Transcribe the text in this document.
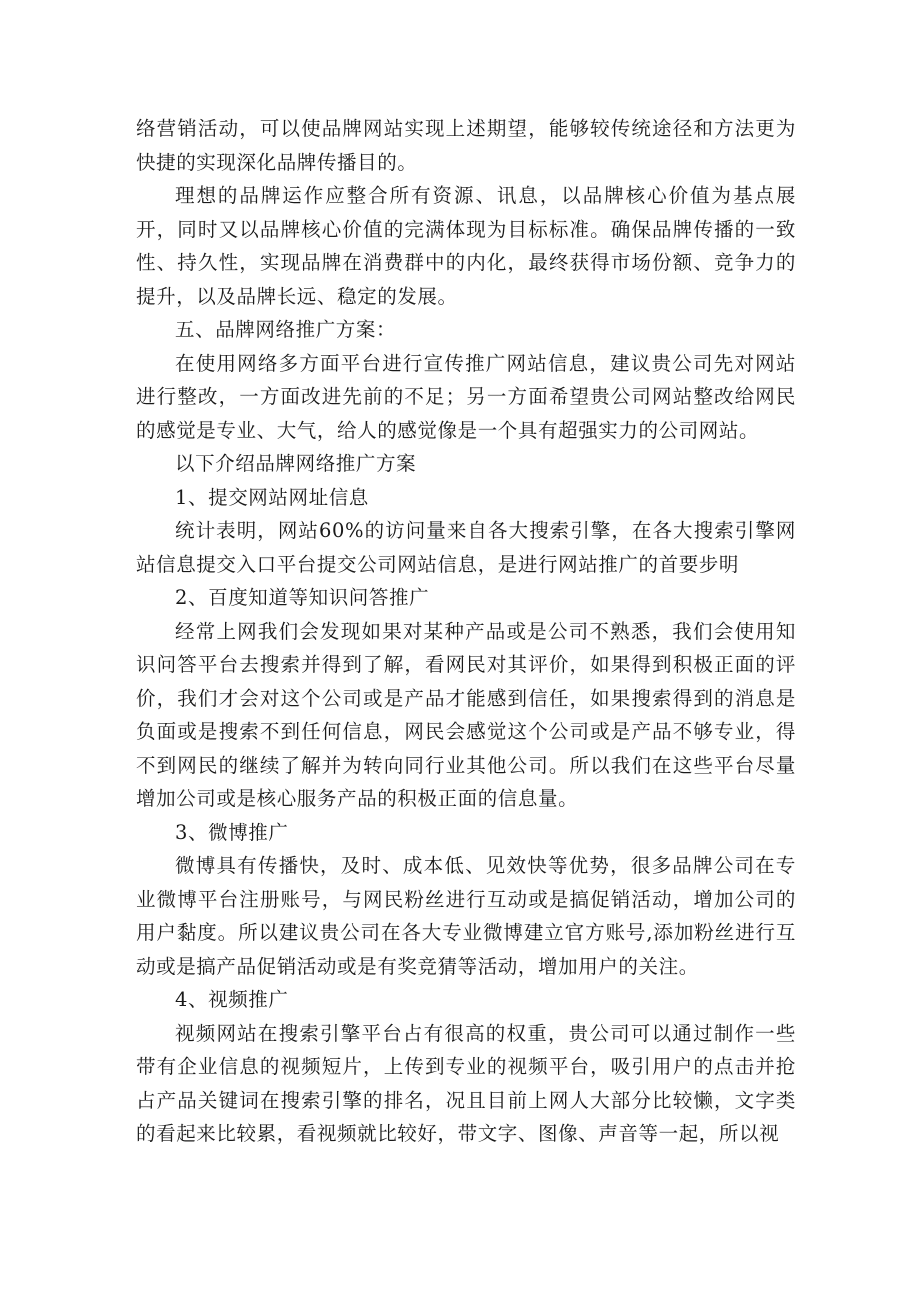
络营销活动，可以使品牌网站实现上述期望，能够较传统途径和方法更为快捷的实现深化品牌传播目的。

理想的品牌运作应整合所有资源、讯息，以品牌核心价值为基点展开，同时又以品牌核心价值的完满体现为目标标准。确保品牌传播的一致性、持久性，实现品牌在消费群中的内化，最终获得市场份额、竞争力的提升，以及品牌长远、稳定的发展。

五、品牌网络推广方案：

在使用网络多方面平台进行宣传推广网站信息，建议贵公司先对网站进行整改，一方面改进先前的不足；另一方面希望贵公司网站整改给网民的感觉是专业、大气，给人的感觉像是一个具有超强实力的公司网站。

以下介绍品牌网络推广方案

1、提交网站网址信息

统计表明，网站60%的访问量来自各大搜索引擎，在各大搜索引擎网站信息提交入口平台提交公司网站信息，是进行网站推广的首要步明

2、百度知道等知识问答推广

经常上网我们会发现如果对某种产品或是公司不熟悉，我们会使用知识问答平台去搜索并得到了解，看网民对其评价，如果得到积极正面的评价，我们才会对这个公司或是产品才能感到信任，如果搜索得到的消息是负面或是搜索不到任何信息，网民会感觉这个公司或是产品不够专业，得不到网民的继续了解并为转向同行业其他公司。所以我们在这些平台尽量增加公司或是核心服务产品的积极正面的信息量。

3、微博推广

微博具有传播快，及时、成本低、见效快等优势，很多品牌公司在专业微博平台注册账号，与网民粉丝进行互动或是搞促销活动，增加公司的用户黏度。所以建议贵公司在各大专业微博建立官方账号,添加粉丝进行互动或是搞产品促销活动或是有奖竞猜等活动，增加用户的关注。

4、视频推广

视频网站在搜索引擎平台占有很高的权重，贵公司可以通过制作一些带有企业信息的视频短片，上传到专业的视频平台，吸引用户的点击并抢占产品关键词在搜索引擎的排名，况且目前上网人大部分比较懒，文字类的看起来比较累，看视频就比较好，带文字、图像、声音等一起，所以视
